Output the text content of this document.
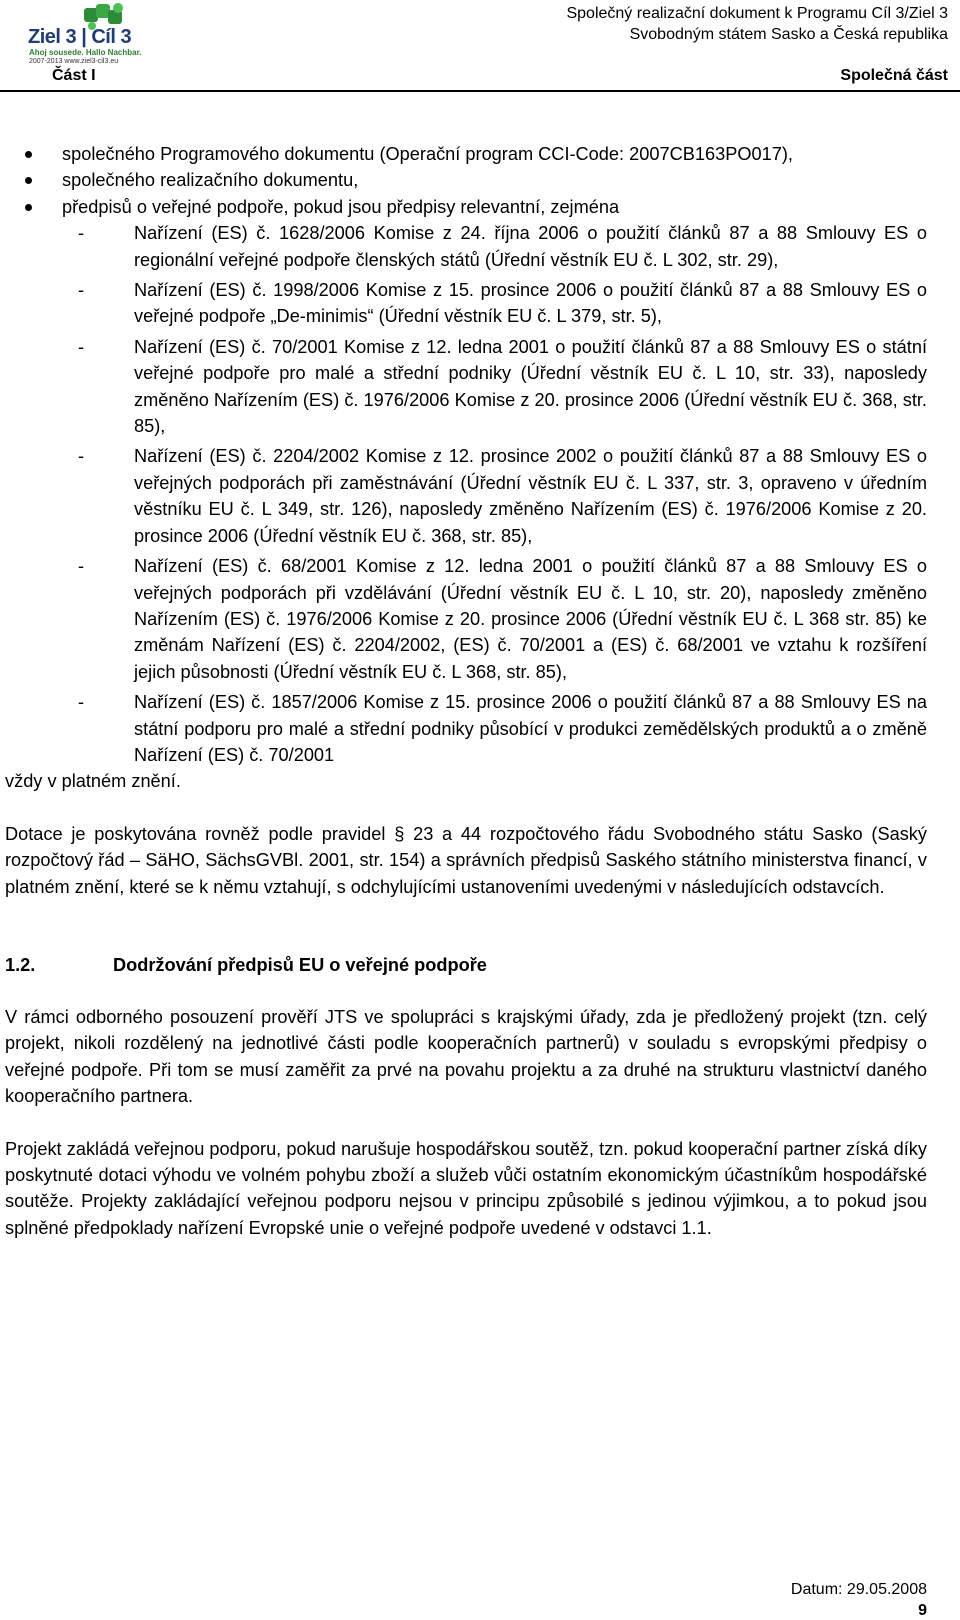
Ziel 3 | Cíl 3
Ahoj sousede. Hallo Nachbar.
2007-2013 www.ziel3-cil3.eu
Společný realizační dokument k Programu Cíl 3/Ziel 3
Svobodným státem Sasko a Česká republika
Část I	Společná část
společného Programového dokumentu (Operační program CCI-Code: 2007CB163PO017),
společného realizačního dokumentu,
předpisů o veřejné podpoře, pokud jsou předpisy relevantní, zejména
-	Nařízení (ES) č. 1628/2006 Komise z 24. října 2006 o použití článků 87 a 88 Smlouvy ES o regionální veřejné podpoře členských států (Úřední věstník EU č. L 302, str. 29),
-	Nařízení (ES) č. 1998/2006 Komise z 15. prosince 2006 o použití článků 87 a 88 Smlouvy ES o veřejné podpoře „De-minimis“ (Úřední věstník EU č. L 379, str. 5),
-	Nařízení (ES) č. 70/2001 Komise z 12. ledna 2001 o použití článků 87 a 88 Smlouvy ES o státní veřejné podpoře pro malé a střední podniky (Úřední věstník EU č. L 10, str. 33), naposledy změněno Nařízením (ES) č. 1976/2006 Komise z 20. prosince 2006 (Úřední věstník EU č. 368, str. 85),
-	Nařízení (ES) č. 2204/2002 Komise z 12. prosince 2002 o použití článků 87 a 88 Smlouvy ES o veřejných podporách při zaměstnávání (Úřední věstník EU č. L 337, str. 3, opraveno v úředním věstníku EU č. L 349, str. 126), naposledy změněno Nařízením (ES) č. 1976/2006 Komise z 20. prosince 2006 (Úřední věstník EU č. 368, str. 85),
-	Nařízení (ES) č. 68/2001 Komise z 12. ledna 2001 o použití článků 87 a 88 Smlouvy ES o veřejných podporách při vzdělávání (Úřední věstník EU č. L 10, str. 20), naposledy změněno Nařízením (ES) č. 1976/2006 Komise z 20. prosince 2006 (Úřední věstník EU č. L 368 str. 85) ke změnám Nařízení (ES) č. 2204/2002, (ES) č. 70/2001 a (ES) č. 68/2001 ve vztahu k rozšíření jejich působnosti (Úřední věstník EU č. L 368, str. 85),
-	Nařízení (ES) č. 1857/2006 Komise z 15. prosince 2006 o použití článků 87 a 88 Smlouvy ES na státní podporu pro malé a střední podniky působící v produkci zemědělských produktů a o změně Nařízení (ES) č. 70/2001

vždy v platném znění.

Dotace je poskytována rovněž podle pravidel § 23 a 44 rozpočtového řádu Svobodného státu Sasko (Saský rozpočtový řád – SäHO, SächsGVBl. 2001, str. 154) a správních předpisů Saského státního ministerstva financí, v platném znění, které se k němu vztahují, s odchylujícími ustanoveními uvedenými v následujících odstavcích.

1.2.	Dodržování předpisů EU o veřejné podpoře

V rámci odborného posouzení prověří JTS ve spolupráci s krajskými úřady, zda je předložený projekt (tzn. celý projekt, nikoli rozdělený na jednotlivé části podle kooperačních partnerů) v souladu s evropskými předpisy o veřejné podpoře. Při tom se musí zaměřit za prvé na povahu projektu a za druhé na strukturu vlastnictví daného kooperačního partnera.

Projekt zakládá veřejnou podporu, pokud narušuje hospodářskou soutěž, tzn. pokud kooperační partner získá díky poskytnuté dotaci výhodu ve volném pohybu zboží a služeb vůči ostatním ekonomickým účastníkům hospodářské soutěže. Projekty zakládající veřejnou podporu nejsou v principu způsobilé s jedinou výjimkou, a to pokud jsou splněné předpoklady nařízení Evropské unie o veřejné podpoře uvedené v odstavci 1.1.

Datum: 29.05.2008
9
